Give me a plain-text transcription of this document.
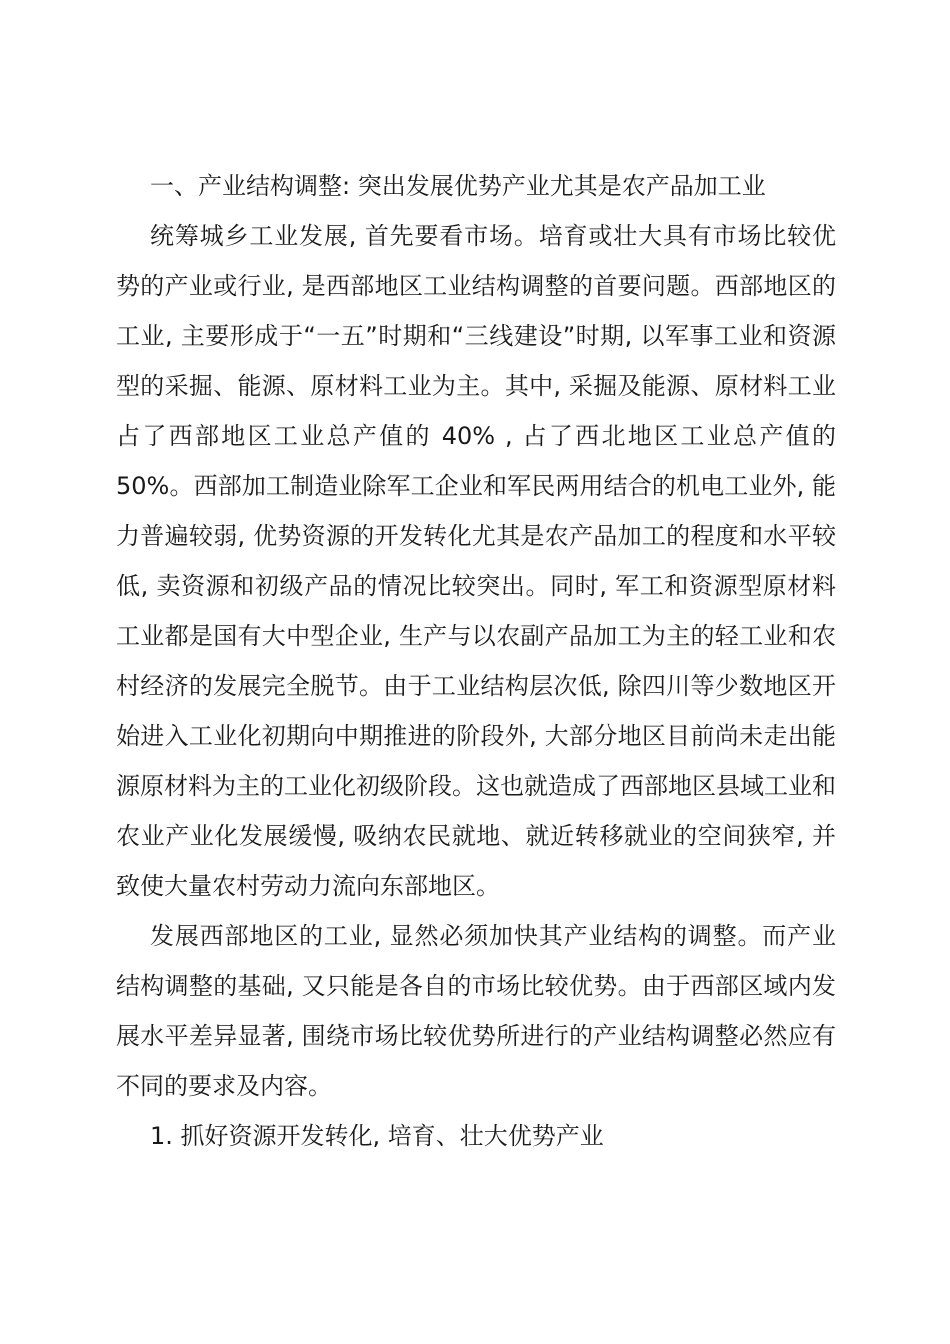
一、产业结构调整: 突出发展优势产业尤其是农产品加工业

统筹城乡工业发展, 首先要看市场。培育或壮大具有市场比较优势的产业或行业, 是西部地区工业结构调整的首要问题。西部地区的工业, 主要形成于“一五”时期和“三线建设”时期, 以军事工业和资源型的采掘、能源、原材料工业为主。其中, 采掘及能源、原材料工业占了西部地区工业总产值的 40% , 占了西北地区工业总产值的 50%。西部加工制造业除军工企业和军民两用结合的机电工业外, 能力普遍较弱, 优势资源的开发转化尤其是农产品加工的程度和水平较低, 卖资源和初级产品的情况比较突出。同时, 军工和资源型原材料工业都是国有大中型企业, 生产与以农副产品加工为主的轻工业和农村经济的发展完全脱节。由于工业结构层次低, 除四川等少数地区开始进入工业化初期向中期推进的阶段外, 大部分地区目前尚未走出能源原材料为主的工业化初级阶段。这也就造成了西部地区县域工业和农业产业化发展缓慢, 吸纳农民就地、就近转移就业的空间狭窄, 并致使大量农村劳动力流向东部地区。

发展西部地区的工业, 显然必须加快其产业结构的调整。而产业结构调整的基础, 又只能是各自的市场比较优势。由于西部区域内发展水平差异显著, 围绕市场比较优势所进行的产业结构调整必然应有不同的要求及内容。

1. 抓好资源开发转化, 培育、壮大优势产业
